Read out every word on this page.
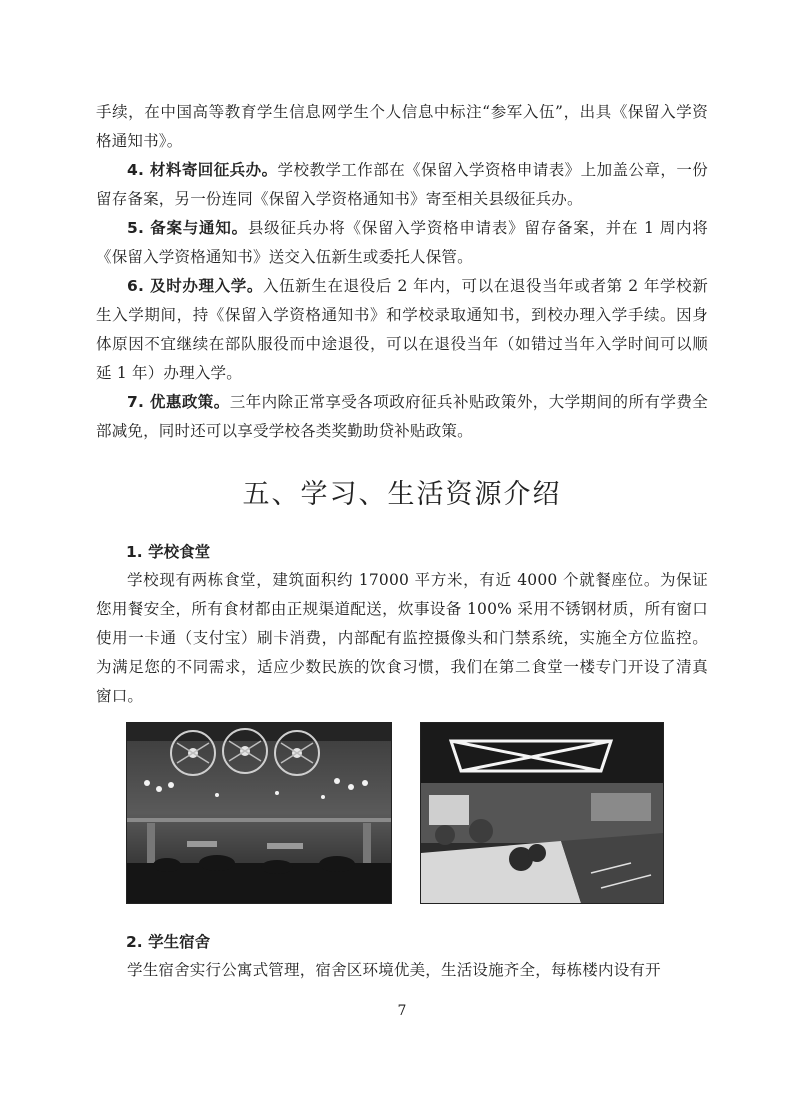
手续，在中国高等教育学生信息网学生个人信息中标注“参军入伍”，出具《保留入学资格通知书》。

4. 材料寄回征兵办。学校教学工作部在《保留入学资格申请表》上加盖公章，一份留存备案，另一份连同《保留入学资格通知书》寄至相关县级征兵办。

5. 备案与通知。县级征兵办将《保留入学资格申请表》留存备案，并在 1 周内将《保留入学资格通知书》送交入伍新生或委托人保管。

6. 及时办理入学。入伍新生在退役后 2 年内，可以在退役当年或者第 2 年学校新生入学期间，持《保留入学资格通知书》和学校录取通知书，到校办理入学手续。因身体原因不宜继续在部队服役而中途退役，可以在退役当年（如错过当年入学时间可以顺延 1 年）办理入学。

7. 优惠政策。三年内除正常享受各项政府征兵补贴政策外，大学期间的所有学费全部减免，同时还可以享受学校各类奖勤助贷补贴政策。

五、学习、生活资源介绍

1. 学校食堂

学校现有两栋食堂，建筑面积约 17000 平方米，有近 4000 个就餐座位。为保证您用餐安全，所有食材都由正规渠道配送，炊事设备 100% 采用不锈钢材质，所有窗口使用一卡通（支付宝）刷卡消费，内部配有监控摄像头和门禁系统，实施全方位监控。为满足您的不同需求，适应少数民族的饮食习惯，我们在第二食堂一楼专门开设了清真窗口。

2. 学生宿舍

学生宿舍实行公寓式管理，宿舍区环境优美，生活设施齐全，每栋楼内设有开

7
